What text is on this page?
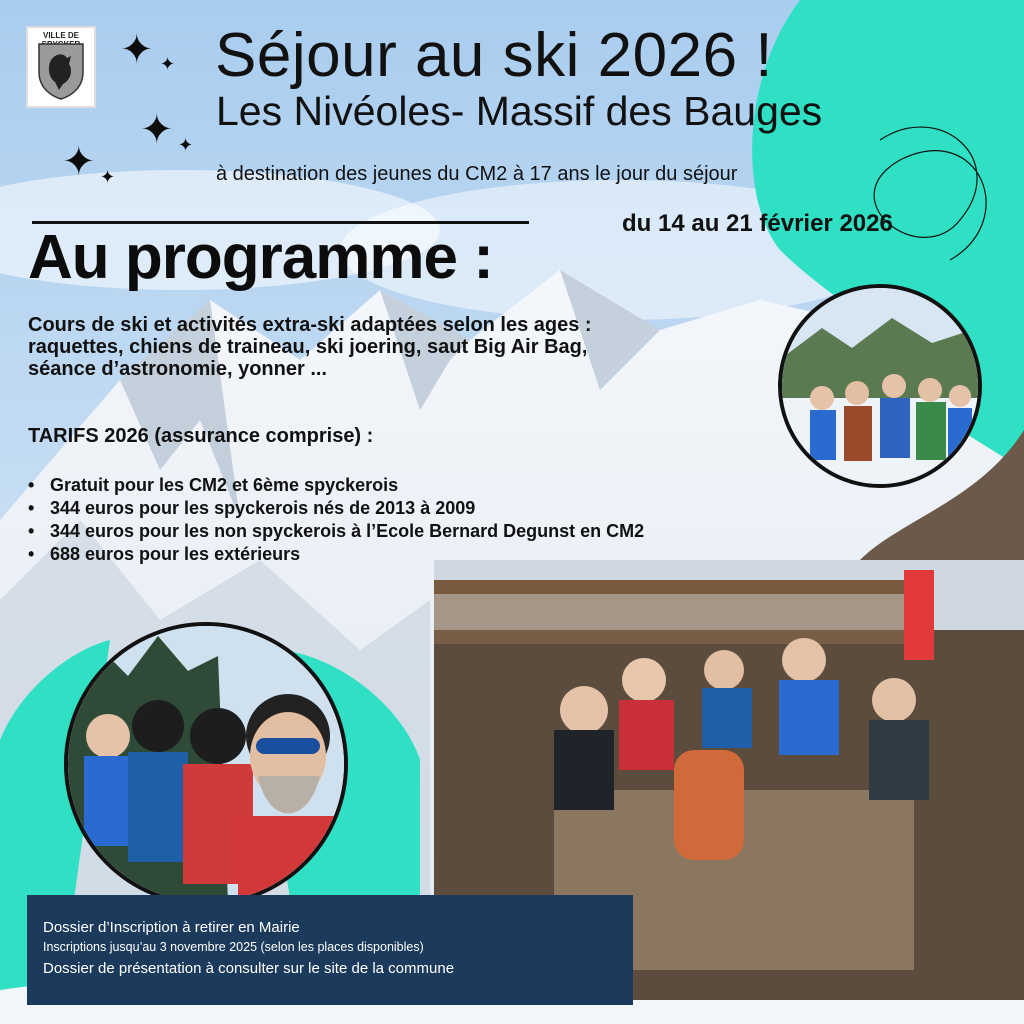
VILLE DE	✦ ✦
✦ ✦
✦ ✦
Séjour au ski 2026 !
Les Nivéoles- Massif des Bauges
à destination des jeunes du CM2 à 17 ans le jour du séjour
du 14 au 21 février 2026
Au programme :
Cours de ski et activités extra-ski adaptées selon les ages : raquettes, chiens de traineau, ski joering, saut Big Air Bag, séance d’astronomie, yonner ...
TARIFS 2026 (assurance comprise) :
• Gratuit pour les CM2 et 6ème spyckerois
• 344 euros pour les spyckerois nés de 2013 à 2009
• 344 euros pour les non spyckerois à l’Ecole Bernard Degunst en CM2
• 688 euros pour les extérieurs
Dossier d’Inscription à retirer en Mairie
Inscriptions jusqu’au 3 novembre 2025 (selon les places disponibles)
Dossier de présentation à consulter sur le site de la commune
